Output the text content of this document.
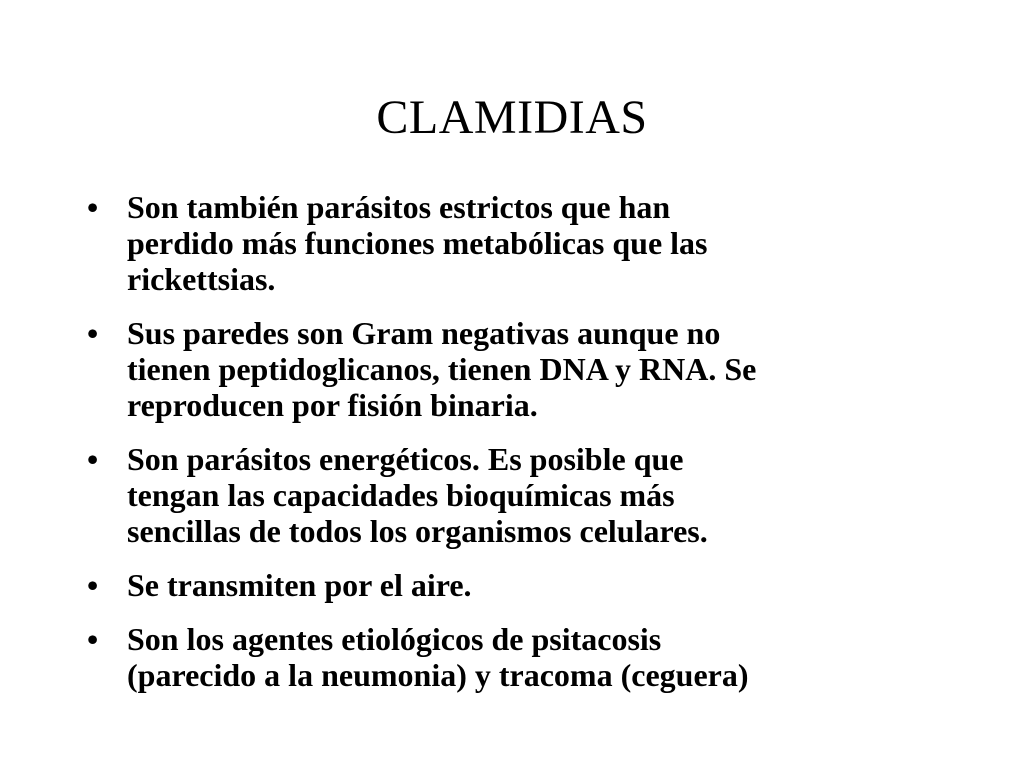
CLAMIDIAS
• Son también parásitos estrictos que han
perdido más funciones metabólicas que las
rickettsias.
• Sus paredes son Gram negativas aunque no
tienen peptidoglicanos, tienen DNA y RNA. Se
reproducen por fisión binaria.
• Son parásitos energéticos. Es posible que
tengan las capacidades bioquímicas más
sencillas de todos los organismos celulares.
• Se transmiten por el aire.
• Son los agentes etiológicos de psitacosis
(parecido a la neumonia) y tracoma (ceguera)
